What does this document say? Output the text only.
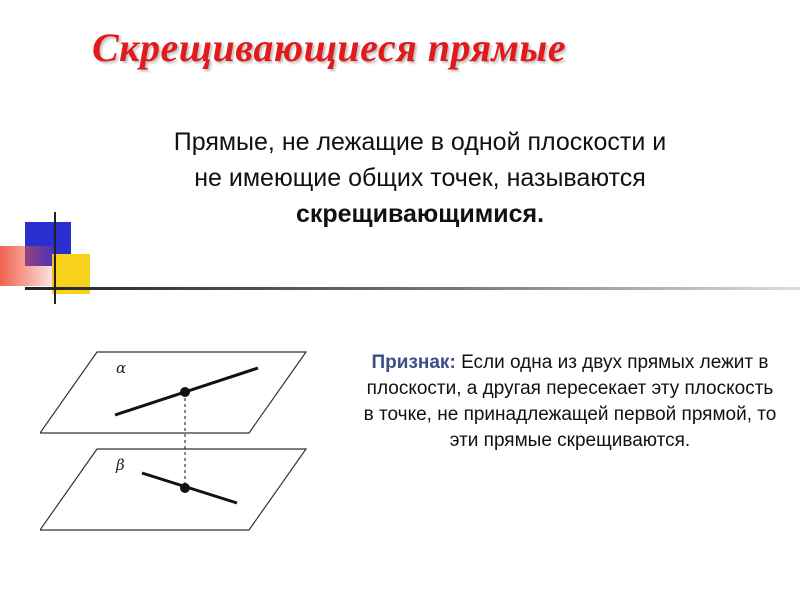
Скрещивающиеся прямые
Прямые, не лежащие в одной плоскости и
не имеющие общих точек, называются
скрещивающимися.
α
β
Признак: Если одна из двух прямых лежит в плоскости, а другая пересекает эту плоскость в точке, не принадлежащей первой прямой, то эти прямые скрещиваются.
